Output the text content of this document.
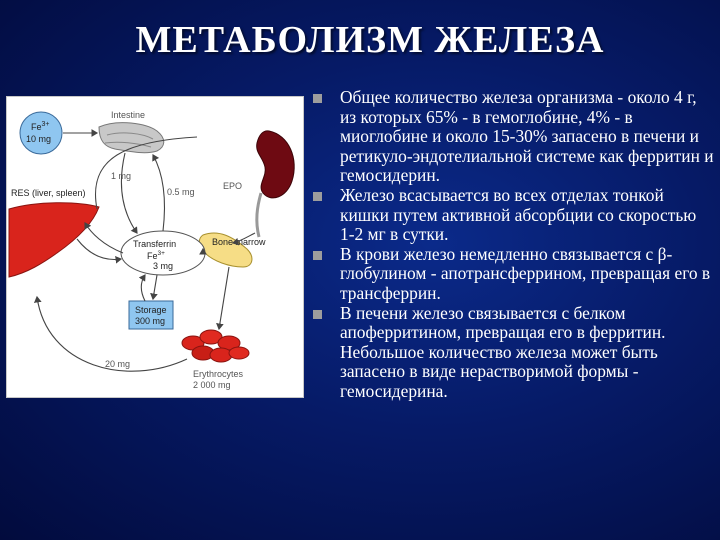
МЕТАБОЛИЗМ ЖЕЛЕЗА
$Fe^{3+}$
10 mg
Intestine
EPO
RES (liver, spleen)
Bone marrow
Transferrin
$Fe^{3+}$
3 mg
Storage
300 mg
Erythrocytes
2 000 mg
1 mg
0.5 mg
20 mg
Общее количество железа организма - около 4 г, из которых 65% - в гемоглобине, 4% - в миоглобине и около 15-30% запасено в печени и ретикуло-эндотелиальной системе как ферритин и гемосидерин.
Железо всасывается во всех отделах тонкой кишки путем активной абсорбции со скоростью 1-2 мг в сутки.
В крови железо немедленно связывается с β-глобулином - апотрансферрином, превращая его в трансферрин.
В печени железо связывается с белком апоферритином, превращая его в ферритин. Небольшое количество железа может быть запасено в виде нерастворимой формы - гемосидерина.
